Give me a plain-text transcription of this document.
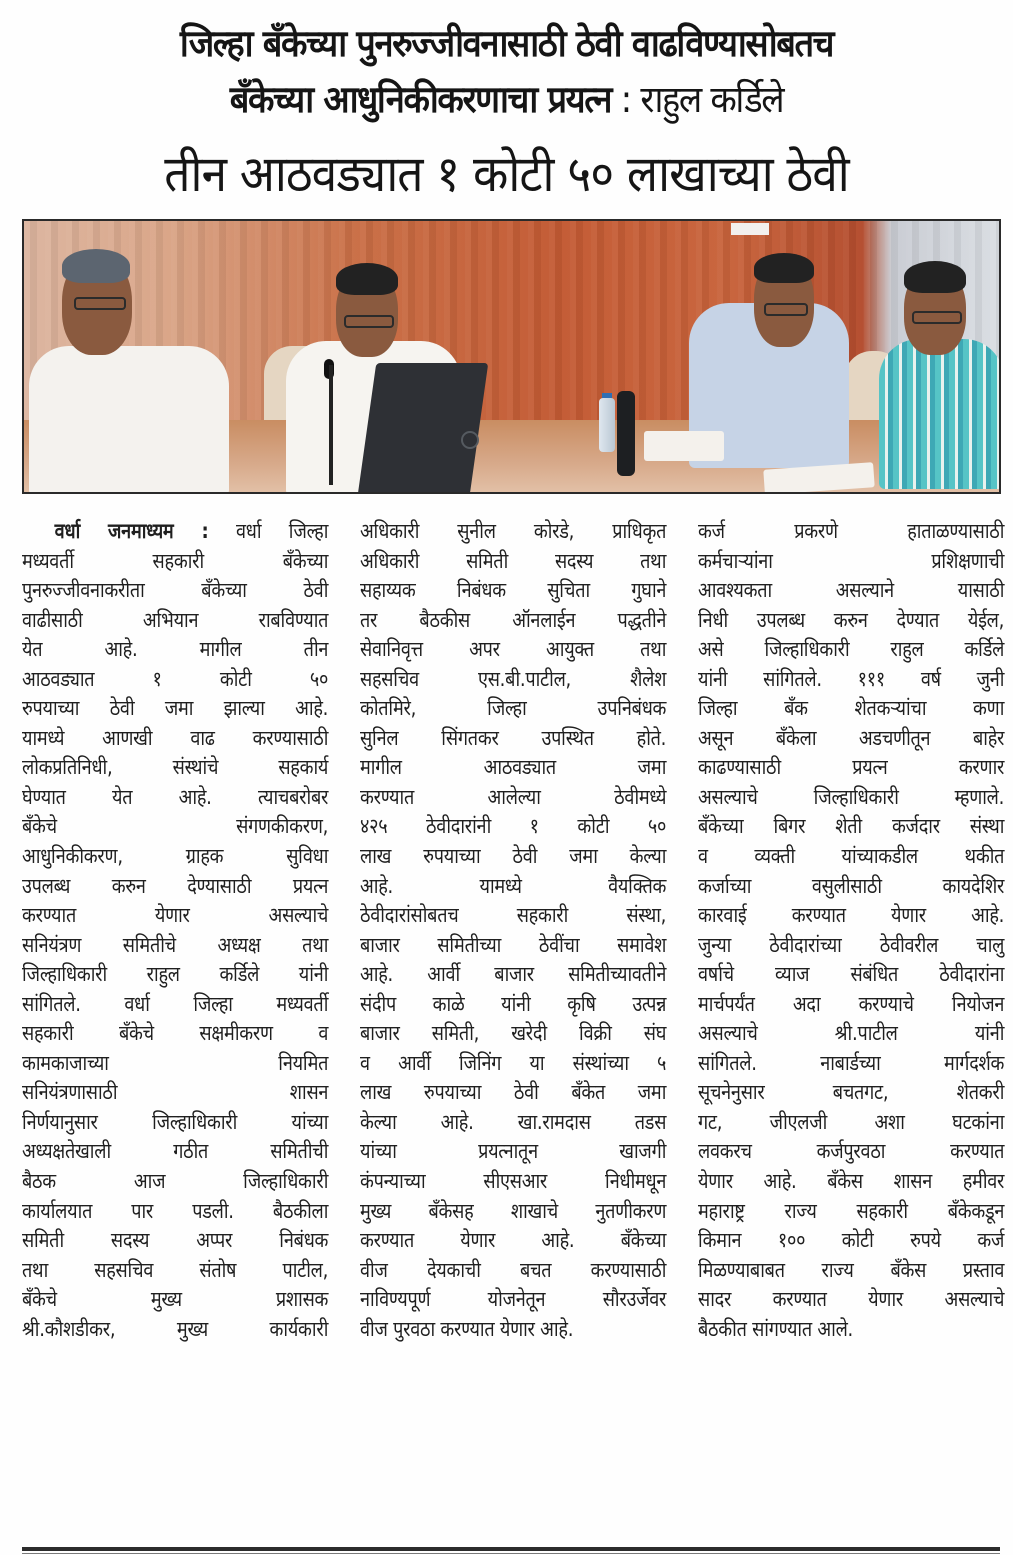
जिल्हा बँकेच्या पुनरुज्जीवनासाठी ठेवी वाढविण्यासोबतच
बँकेच्या आधुनिकीकरणाचा प्रयत्न : राहुल कर्डिले
तीन आठवड्यात १ कोटी ५० लाखाच्या ठेवी
वर्धा जनमाध्यम : वर्धा जिल्हा
मध्यवर्ती सहकारी बँकेच्या
पुनरुज्जीवनाकरीता बँकेच्या ठेवी
वाढीसाठी अभियान राबविण्यात
येत आहे. मागील तीन
आठवड्यात १ कोटी ५०
रुपयाच्या ठेवी जमा झाल्या आहे.
यामध्ये आणखी वाढ करण्यासाठी
लोकप्रतिनिधी, संस्थांचे सहकार्य
घेण्यात येत आहे. त्याचबरोबर
बँकेचे संगणकीकरण,
आधुनिकीकरण, ग्राहक सुविधा
उपलब्ध करुन देण्यासाठी प्रयत्न
करण्यात येणार असल्याचे
सनियंत्रण समितीचे अध्यक्ष तथा
जिल्हाधिकारी राहुल कर्डिले यांनी
सांगितले. वर्धा जिल्हा मध्यवर्ती
सहकारी बँकेचे सक्षमीकरण व
कामकाजाच्या नियमित
सनियंत्रणासाठी शासन
निर्णयानुसार जिल्हाधिकारी यांच्या
अध्यक्षतेखाली गठीत समितीची
बैठक आज जिल्हाधिकारी
कार्यालयात पार पडली. बैठकीला
समिती सदस्य अप्पर निबंधक
तथा सहसचिव संतोष पाटील,
बँकेचे मुख्य प्रशासक
श्री.कौशडीकर, मुख्य कार्यकारी
अधिकारी सुनील कोरडे, प्राधिकृत
अधिकारी समिती सदस्य तथा
सहाय्यक निबंधक सुचिता गुघाने
तर बैठकीस ऑनलाईन पद्धतीने
सेवानिवृत्त अपर आयुक्त तथा
सहसचिव एस.बी.पाटील, शैलेश
कोतमिरे, जिल्हा उपनिबंधक
सुनिल सिंगतकर उपस्थित होते.
मागील आठवड्यात जमा
करण्यात आलेल्या ठेवीमध्ये
४२५ ठेवीदारांनी १ कोटी ५०
लाख रुपयाच्या ठेवी जमा केल्या
आहे. यामध्ये वैयक्तिक
ठेवीदारांसोबतच सहकारी संस्था,
बाजार समितीच्या ठेवींचा समावेश
आहे. आर्वी बाजार समितीच्यावतीने
संदीप काळे यांनी कृषि उत्पन्न
बाजार समिती, खरेदी विक्री संघ
व आर्वी जिनिंग या संस्थांच्या ५
लाख रुपयाच्या ठेवी बँकेत जमा
केल्या आहे. खा.रामदास तडस
यांच्या प्रयत्नातून खाजगी
कंपन्याच्या सीएसआर निधीमधून
मुख्य बँकेसह शाखाचे नुतणीकरण
करण्यात येणार आहे. बँकेच्या
वीज देयकाची बचत करण्यासाठी
नाविण्यपूर्ण योजनेतून सौरउर्जेवर
वीज पुरवठा करण्यात येणार आहे.
कर्ज प्रकरणे हाताळण्यासाठी
कर्मचाऱ्यांना प्रशिक्षणाची
आवश्यकता असल्याने यासाठी
निधी उपलब्ध करुन देण्यात येईल,
असे जिल्हाधिकारी राहुल कर्डिले
यांनी सांगितले. १११ वर्ष जुनी
जिल्हा बँक शेतकऱ्यांचा कणा
असून बँकेला अडचणीतून बाहेर
काढण्यासाठी प्रयत्न करणार
असल्याचे जिल्हाधिकारी म्हणाले.
बँकेच्या बिगर शेती कर्जदार संस्था
व व्यक्ती यांच्याकडील थकीत
कर्जाच्या वसुलीसाठी कायदेशिर
कारवाई करण्यात येणार आहे.
जुन्या ठेवीदारांच्या ठेवीवरील चालु
वर्षाचे व्याज संबंधित ठेवीदारांना
मार्चपर्यंत अदा करण्याचे नियोजन
असल्याचे श्री.पाटील यांनी
सांगितले. नाबार्डच्या मार्गदर्शक
सूचनेनुसार बचतगट, शेतकरी
गट, जीएलजी अशा घटकांना
लवकरच कर्जपुरवठा करण्यात
येणार आहे. बँकेस शासन हमीवर
महाराष्ट्र राज्य सहकारी बँकेकडून
किमान १०० कोटी रुपये कर्ज
मिळण्याबाबत राज्य बँकेस प्रस्ताव
सादर करण्यात येणार असल्याचे
बैठकीत सांगण्यात आले.
